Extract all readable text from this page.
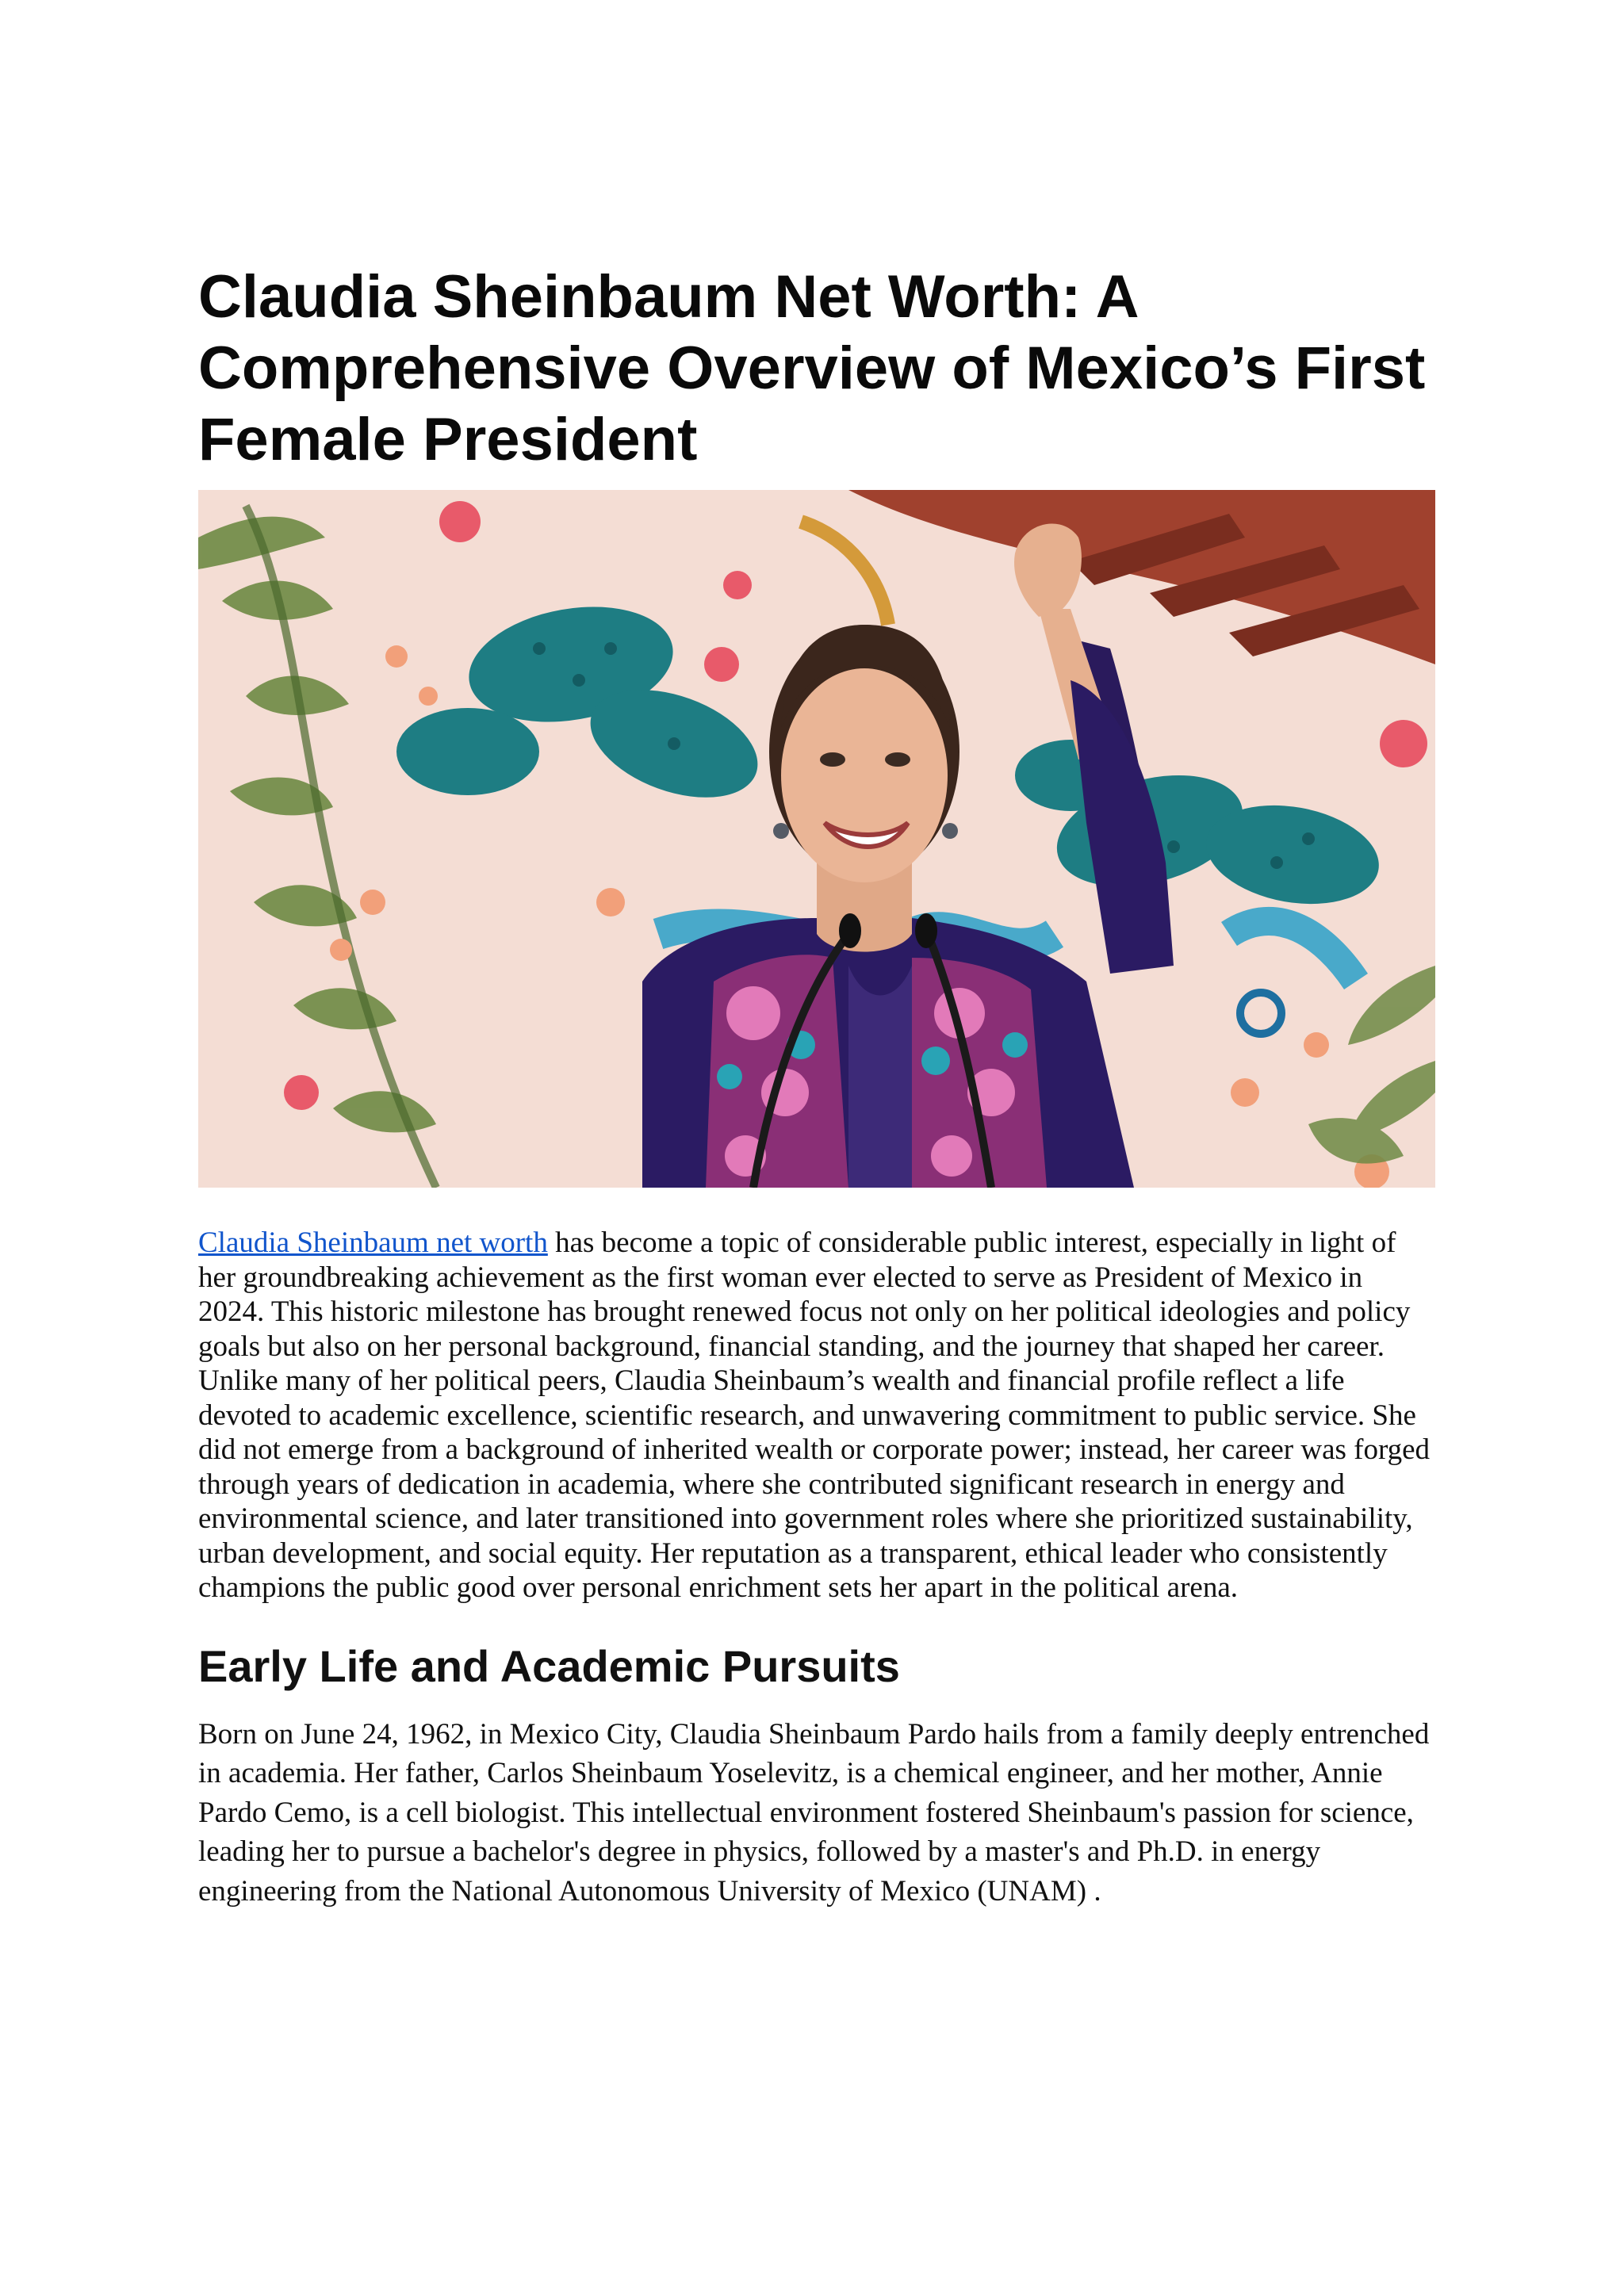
Claudia Sheinbaum Net Worth: A Comprehensive Overview of Mexico’s First Female President

Claudia Sheinbaum net worth has become a topic of considerable public interest, especially in light of her groundbreaking achievement as the first woman ever elected to serve as President of Mexico in 2024. This historic milestone has brought renewed focus not only on her political ideologies and policy goals but also on her personal background, financial standing, and the journey that shaped her career. Unlike many of her political peers, Claudia Sheinbaum’s wealth and financial profile reflect a life devoted to academic excellence, scientific research, and unwavering commitment to public service. She did not emerge from a background of inherited wealth or corporate power; instead, her career was forged through years of dedication in academia, where she contributed significant research in energy and environmental science, and later transitioned into government roles where she prioritized sustainability, urban development, and social equity. Her reputation as a transparent, ethical leader who consistently champions the public good over personal enrichment sets her apart in the political arena.

Early Life and Academic Pursuits

Born on June 24, 1962, in Mexico City, Claudia Sheinbaum Pardo hails from a family deeply entrenched in academia. Her father, Carlos Sheinbaum Yoselevitz, is a chemical engineer, and her mother, Annie Pardo Cemo, is a cell biologist. This intellectual environment fostered Sheinbaum's passion for science, leading her to pursue a bachelor's degree in physics, followed by a master's and Ph.D. in energy engineering from the National Autonomous University of Mexico (UNAM) .
